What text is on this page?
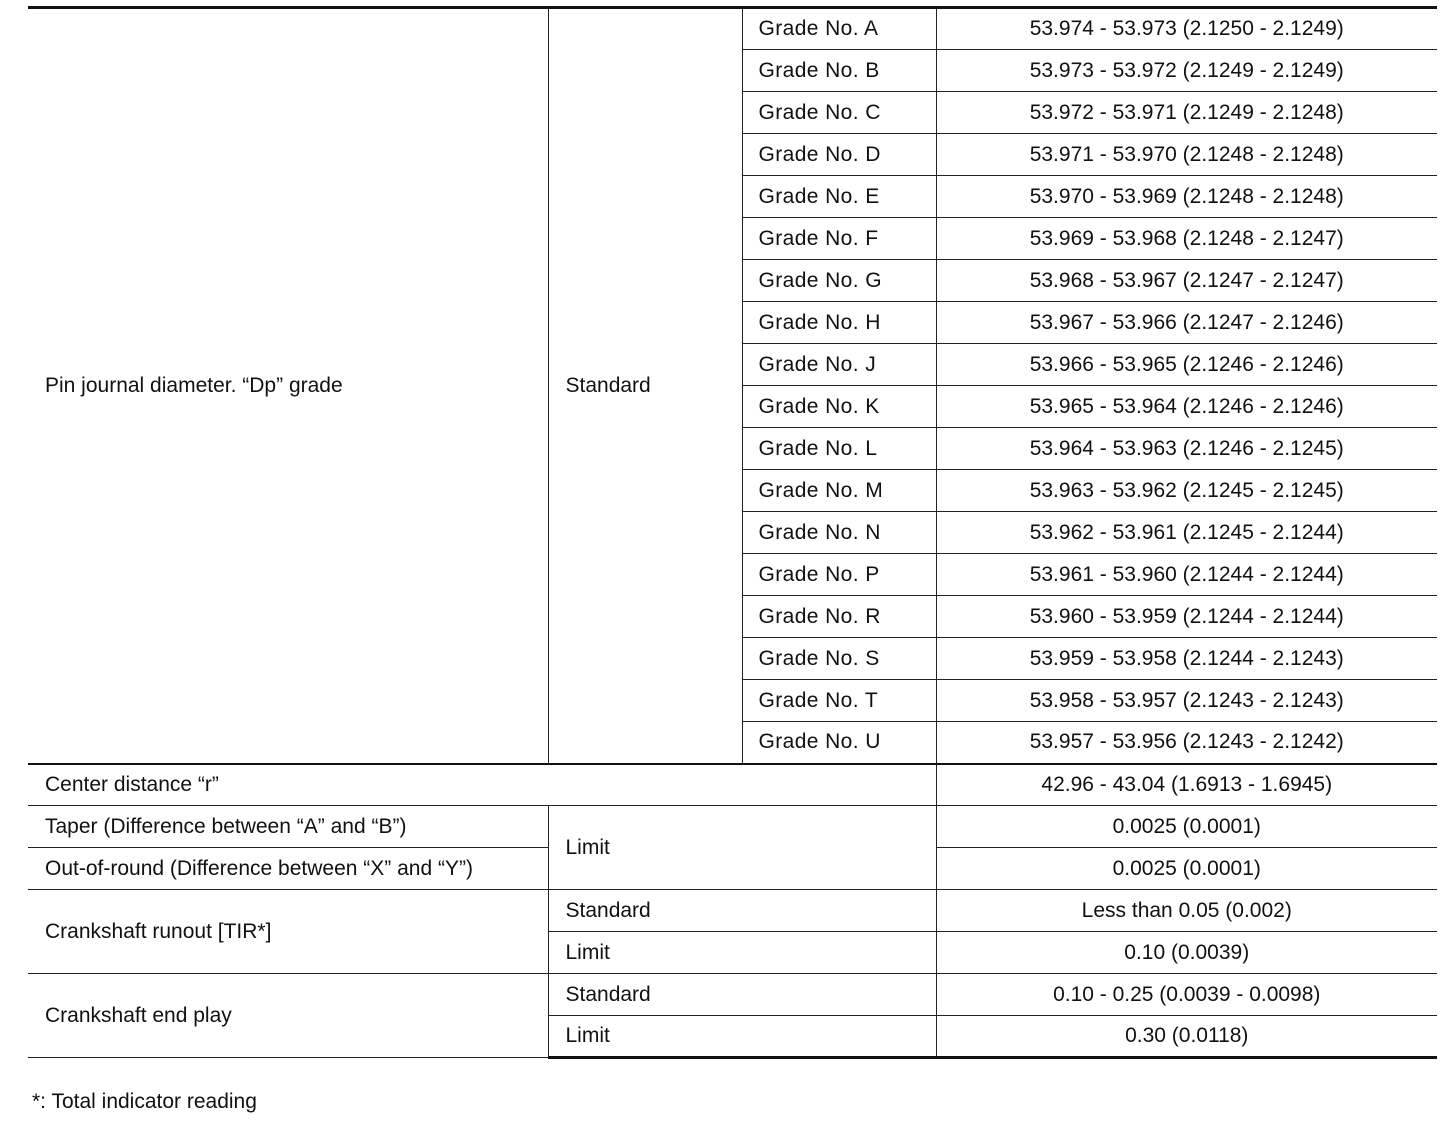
Pin journal diameter. “Dp” grade	Standard	Grade No. A	53.974 - 53.973 (2.1250 - 2.1249)
		Grade No. B	53.973 - 53.972 (2.1249 - 2.1249)
		Grade No. C	53.972 - 53.971 (2.1249 - 2.1248)
		Grade No. D	53.971 - 53.970 (2.1248 - 2.1248)
		Grade No. E	53.970 - 53.969 (2.1248 - 2.1248)
		Grade No. F	53.969 - 53.968 (2.1248 - 2.1247)
		Grade No. G	53.968 - 53.967 (2.1247 - 2.1247)
		Grade No. H	53.967 - 53.966 (2.1247 - 2.1246)
		Grade No. J	53.966 - 53.965 (2.1246 - 2.1246)
		Grade No. K	53.965 - 53.964 (2.1246 - 2.1246)
		Grade No. L	53.964 - 53.963 (2.1246 - 2.1245)
		Grade No. M	53.963 - 53.962 (2.1245 - 2.1245)
		Grade No. N	53.962 - 53.961 (2.1245 - 2.1244)
		Grade No. P	53.961 - 53.960 (2.1244 - 2.1244)
		Grade No. R	53.960 - 53.959 (2.1244 - 2.1244)
		Grade No. S	53.959 - 53.958 (2.1244 - 2.1243)
		Grade No. T	53.958 - 53.957 (2.1243 - 2.1243)
		Grade No. U	53.957 - 53.956 (2.1243 - 2.1242)
Center distance “r”			42.96 - 43.04 (1.6913 - 1.6945)
Taper (Difference between “A” and “B”)	Limit		0.0025 (0.0001)
Out-of-round (Difference between “X” and “Y”)			0.0025 (0.0001)
Crankshaft runout [TIR*]	Standard		Less than 0.05 (0.002)
	Limit		0.10 (0.0039)
Crankshaft end play	Standard		0.10 - 0.25 (0.0039 - 0.0098)
	Limit		0.30 (0.0118)
*: Total indicator reading
